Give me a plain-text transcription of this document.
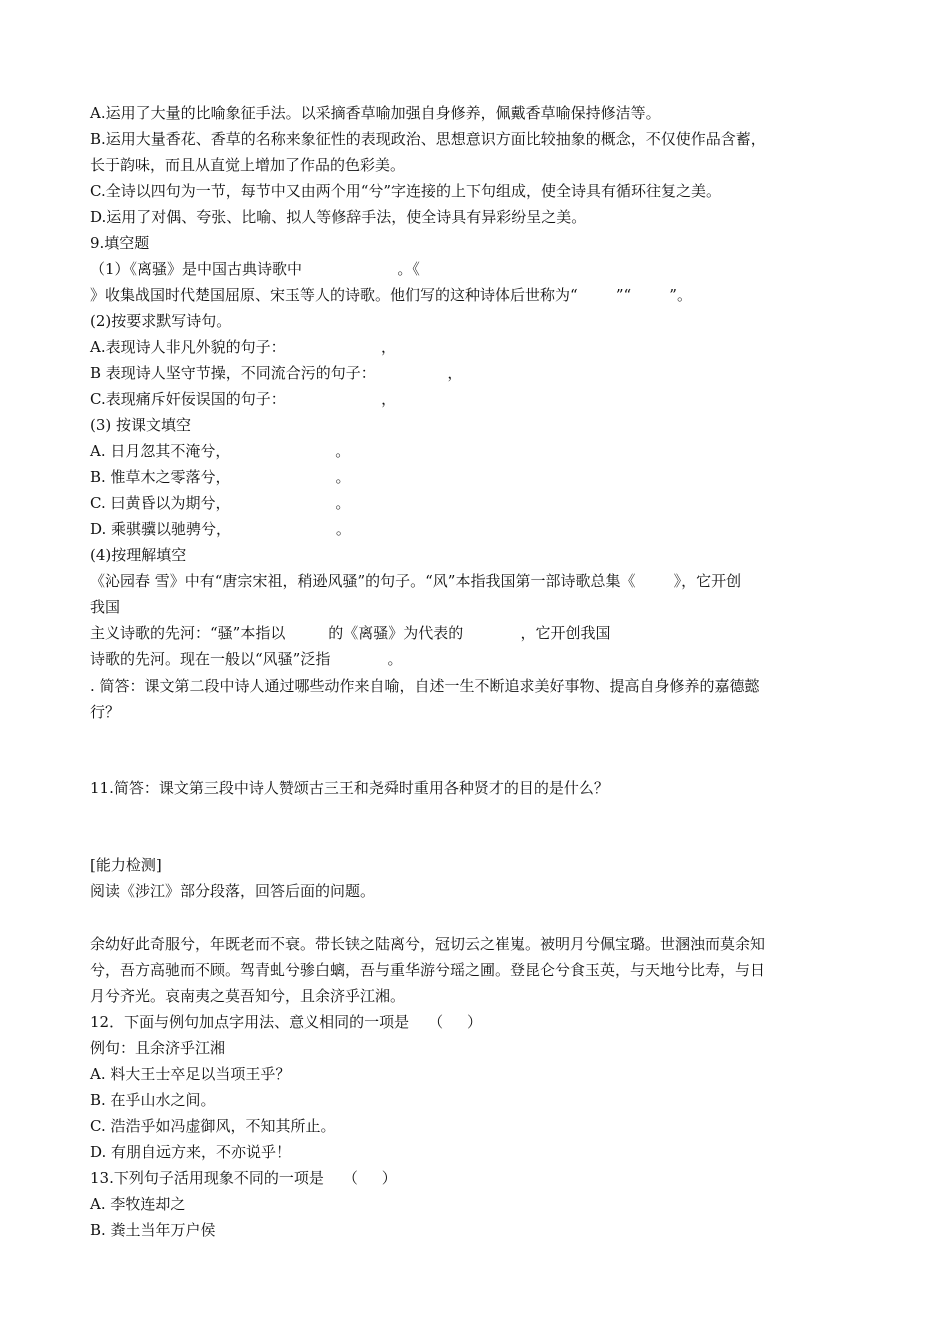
A.运用了大量的比喻象征手法。以采摘香草喻加强自身修养，佩戴香草喻保持修洁等。
B.运用大量香花、香草的名称来象征性的表现政治、思想意识方面比较抽象的概念，不仅使作品含蓄，
长于韵味，而且从直觉上增加了作品的色彩美。
C.全诗以四句为一节，每节中又由两个用“兮”字连接的上下句组成，使全诗具有循环往复之美。
D.运用了对偶、夸张、比喻、拟人等修辞手法，使全诗具有异彩纷呈之美。
9.填空题
（1）《离骚》是中国古典诗歌中                    。《
》收集战国时代楚国屈原、宋玉等人的诗歌。他们写的这种诗体后世称为“        ”“        ”。
(2)按要求默写诗句。
A.表现诗人非凡外貌的句子：                    ，
B 表现诗人坚守节操，不同流合污的句子：               ，
C.表现痛斥奸佞误国的句子：                    ，
(3) 按课文填空
A. 日月忽其不淹兮，                      。
B. 惟草木之零落兮，                      。
C. 曰黄昏以为期兮，                      。
D. 乘骐骥以驰骋兮，                      。
(4)按理解填空
《沁园春 雪》中有“唐宗宋祖，稍逊风骚”的句子。“风”本指我国第一部诗歌总集《        》，它开创
我国
主义诗歌的先河：“骚”本指以         的《离骚》为代表的            ，它开创我国
诗歌的先河。现在一般以“风骚”泛指            。
. 简答：课文第二段中诗人通过哪些动作来自喻，自述一生不断追求美好事物、提高自身修养的嘉德懿
行？
11.简答：课文第三段中诗人赞颂古三王和尧舜时重用各种贤才的目的是什么？
[能力检测]
阅读《涉江》部分段落，回答后面的问题。
余幼好此奇服兮，年既老而不衰。带长铗之陆离兮，冠切云之崔嵬。被明月兮佩宝璐。世溷浊而莫余知
兮，吾方高驰而不顾。驾青虬兮骖白螭，吾与重华游兮瑶之圃。登昆仑兮食玉英，与天地兮比寿，与日
月兮齐光。哀南夷之莫吾知兮，且余济乎江湘。
12．下面与例句加点字用法、意义相同的一项是    （     ）
例句：且余济乎江湘
A. 料大王士卒足以当项王乎？
B. 在乎山水之间。
C. 浩浩乎如冯虚御风，不知其所止。
D. 有朋自远方来，不亦说乎！
13.下列句子活用现象不同的一项是    （     ）
A. 李牧连却之
B. 粪土当年万户侯
